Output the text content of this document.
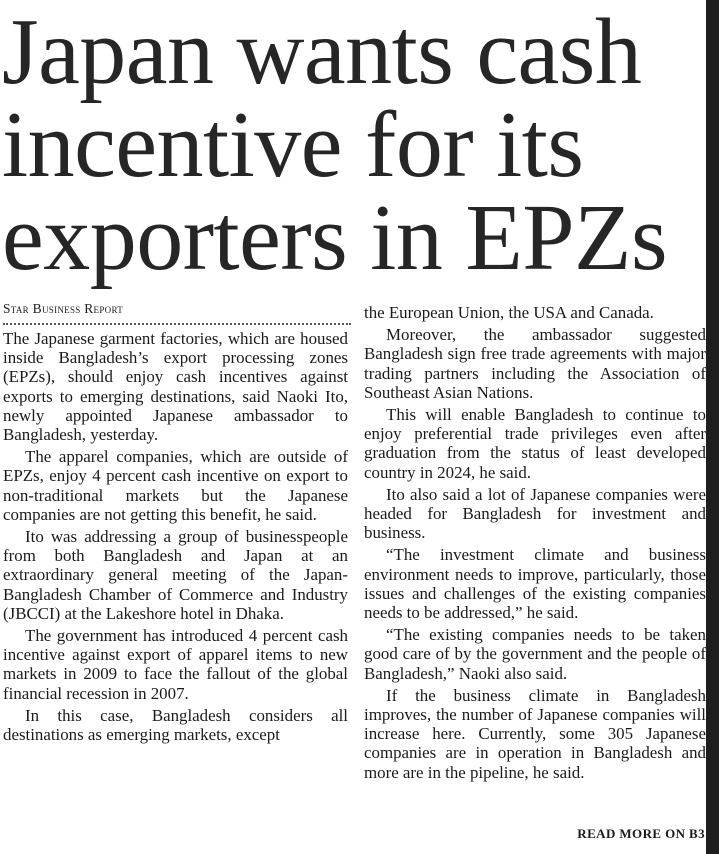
Japan wants cash
incentive for its
exporters in EPZs
Star Business Report

The Japanese garment factories, which are housed inside Bangladesh’s export processing zones (EPZs), should enjoy cash incentives against exports to emerging destinations, said Naoki Ito, newly appointed Japanese ambassador to Bangladesh, yesterday.

The apparel companies, which are outside of EPZs, enjoy 4 percent cash incentive on export to non-traditional markets but the Japanese companies are not getting this benefit, he said.

Ito was addressing a group of businesspeople from both Bangladesh and Japan at an extraordinary general meeting of the Japan-Bangladesh Chamber of Commerce and Industry (JBCCI) at the Lakeshore hotel in Dhaka.

The government has introduced 4 percent cash incentive against export of apparel items to new markets in 2009 to face the fallout of the global financial recession in 2007.

In this case, Bangladesh considers all destinations as emerging markets, except

the European Union, the USA and Canada.

Moreover, the ambassador suggested Bangladesh sign free trade agreements with major trading partners including the Association of Southeast Asian Nations.

This will enable Bangladesh to continue to enjoy preferential trade privileges even after graduation from the status of least developed country in 2024, he said.

Ito also said a lot of Japanese companies were headed for Bangladesh for investment and business.

“The investment climate and business environment needs to improve, particularly, those issues and challenges of the existing companies needs to be addressed,” he said.

“The existing companies needs to be taken good care of by the government and the people of Bangladesh,” Naoki also said.

If the business climate in Bangladesh improves, the number of Japanese companies will increase here. Currently, some 305 Japanese companies are in operation in Bangladesh and more are in the pipeline, he said.

READ MORE ON B3
